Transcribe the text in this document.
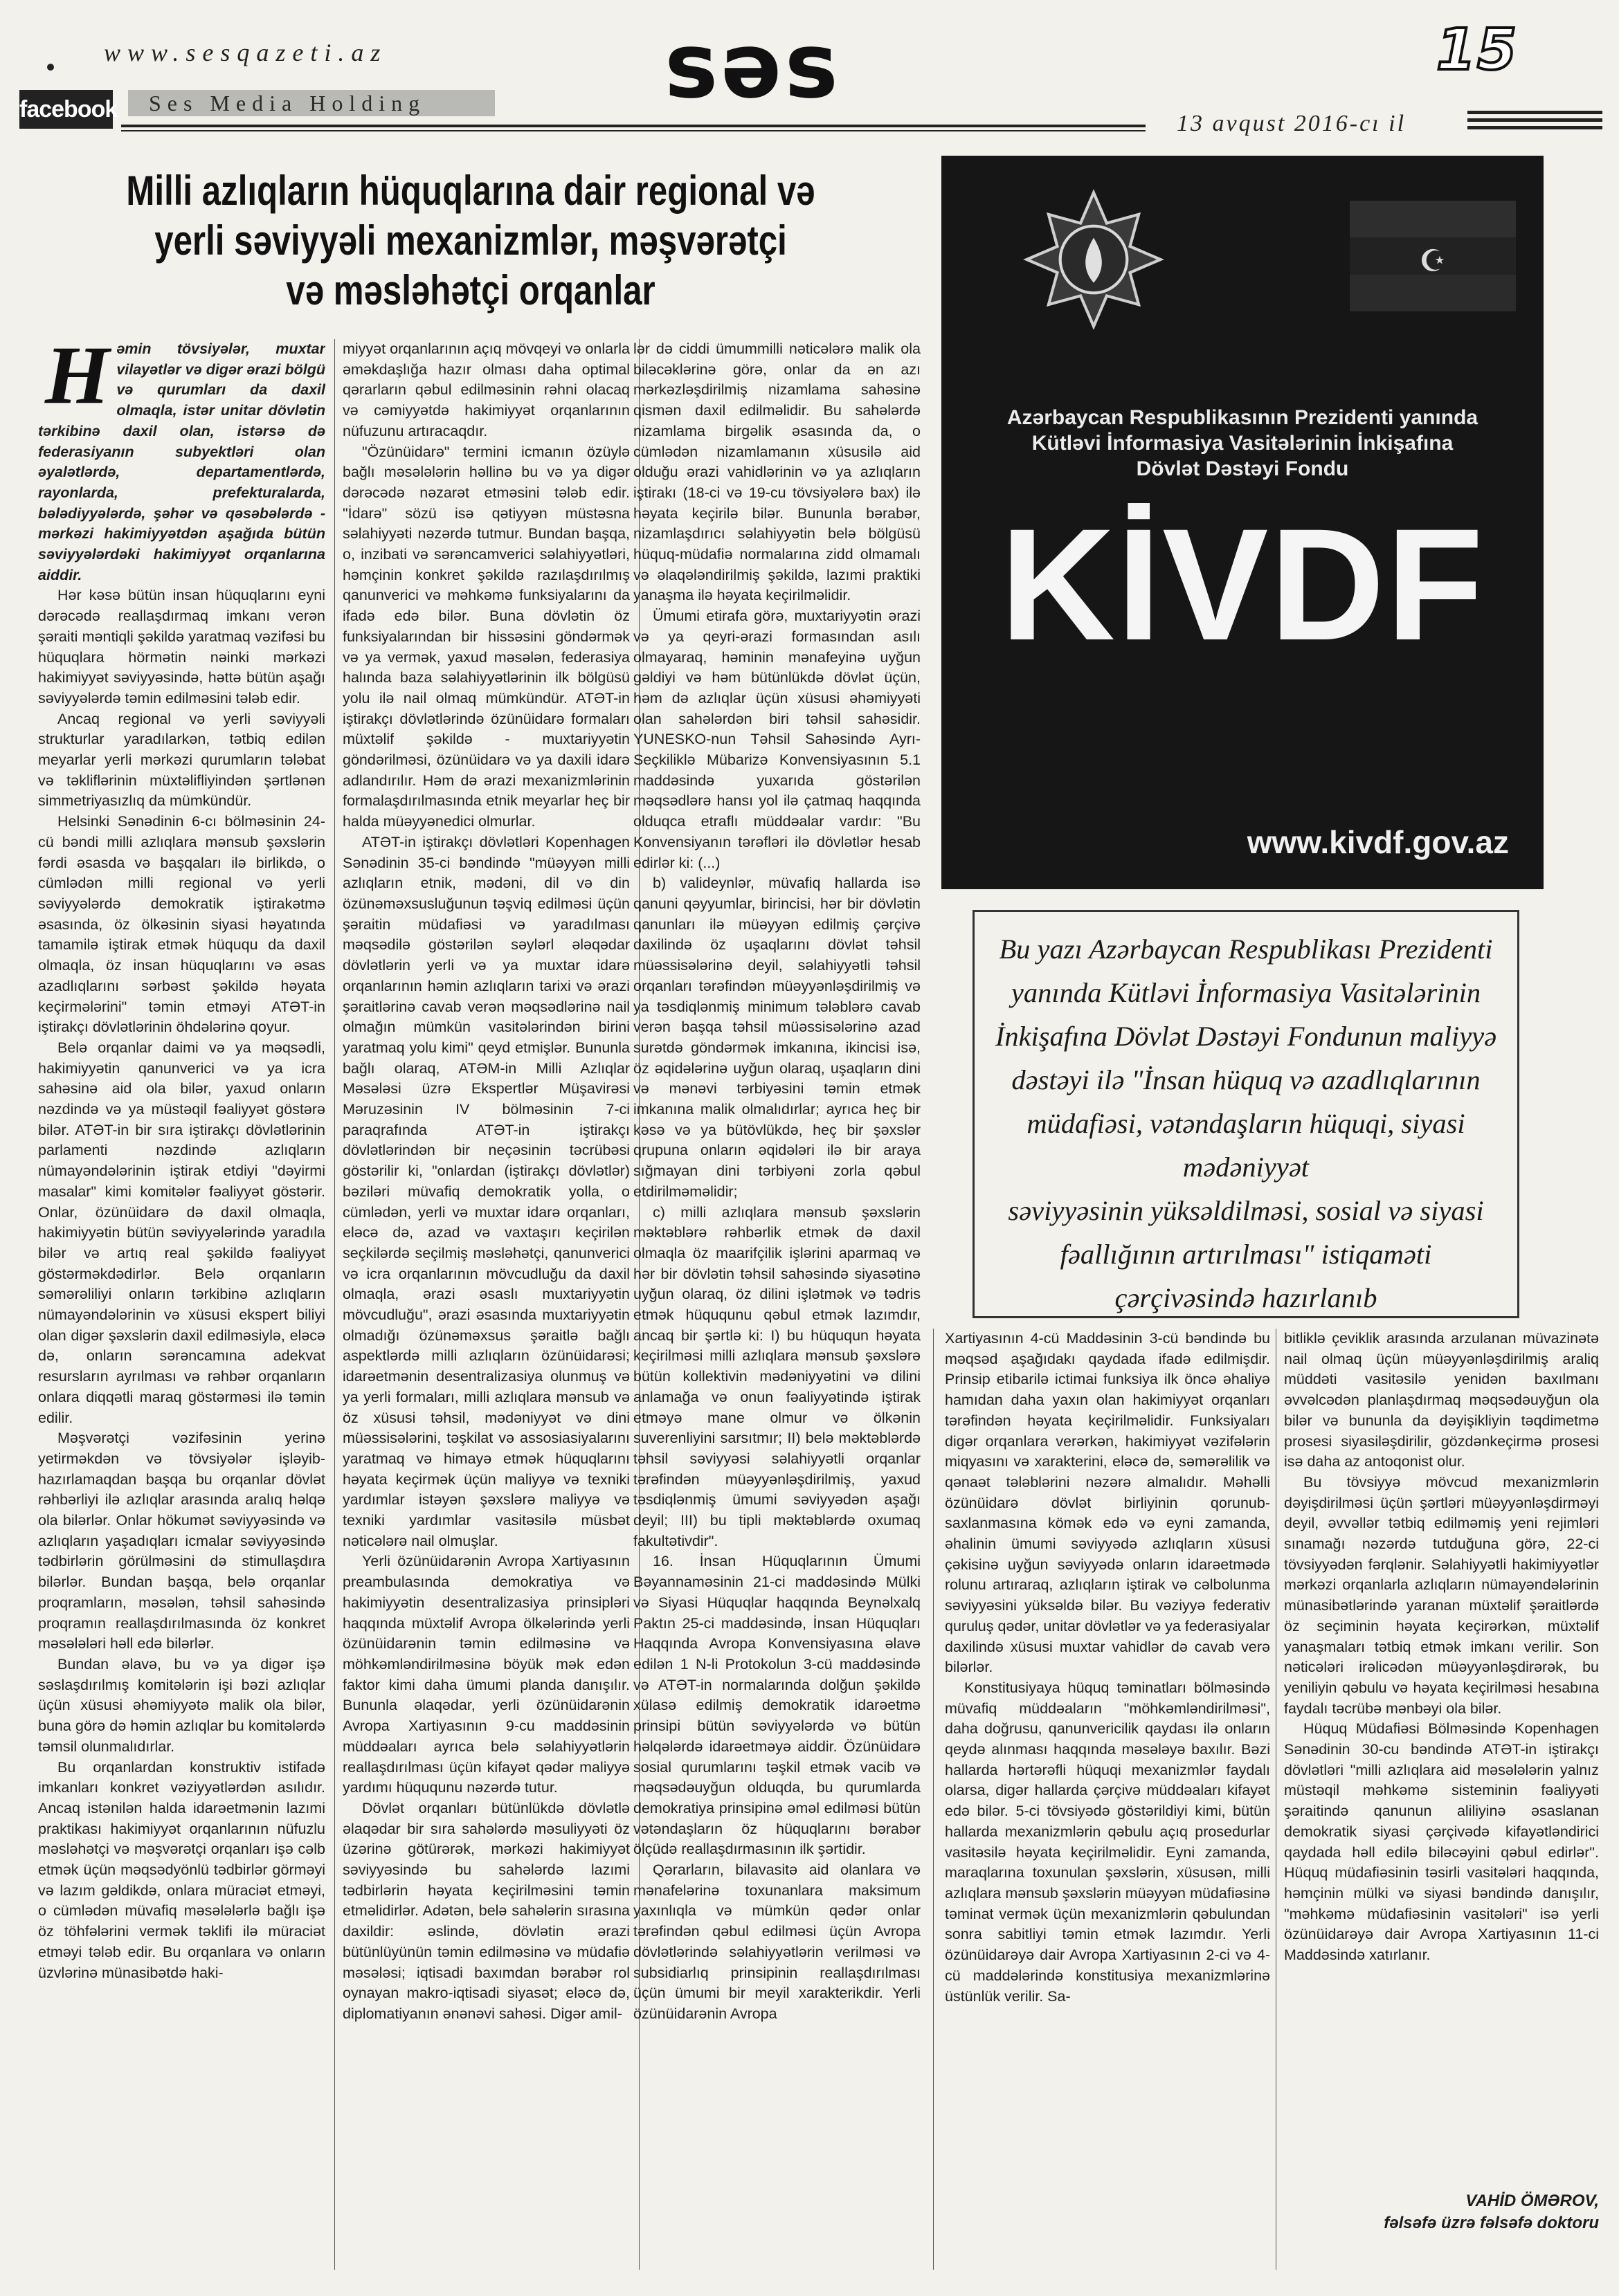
www.sesqazeti.az
facebook	Ses Media Holding	səs	15
13 avqust 2016-cı il
Milli azlıqların hüquqlarına dair regional və
yerli səviyyəli mexanizmlər, məşvərətçi
və məsləhətçi orqanlar

H əmin tövsiyələr, muxtar vilayətlər və digər ərazi bölgü və qurumları da daxil olmaqla, istər unitar dövlətin tərkibinə daxil olan, istərsə də federasiyanın subyektləri olan əyalətlərdə, departamentlərdə, rayonlarda, prefekturalarda, bələdiyyələrdə, şəhər və qəsəbələrdə - mərkəzi hakimiyyətdən aşağıda bütün səviyyələrdəki hakimiyyət orqanlarına aiddir.

Hər kəsə bütün insan hüquqlarını eyni dərəcədə reallaşdırmaq imkanı verən şəraiti məntiqli şəkildə yaratmaq vəzifəsi bu hüquqlara hörmətin nəinki mərkəzi hakimiyyət səviyyəsində, həttə bütün aşağı səviyyələrdə təmin edilməsini tələb edir.

Ancaq regional və yerli səviyyəli strukturlar yaradılarkən, tətbiq edilən meyarlar yerli mərkəzi qurumların tələbat və təkliflərinin müxtəlifliyindən şərtlənən simmetriyasızlıq da mümkündür.

Helsinki Sənədinin 6-cı bölməsinin 24-cü bəndi milli azlıqlara mənsub şəxslərin fərdi əsasda və başqaları ilə birlikdə, o cümlədən milli regional və yerli səviyyələrdə demokratik iştirakətmə əsasında, öz ölkəsinin siyasi həyatında tamamilə iştirak etmək hüququ da daxil olmaqla, öz insan hüquqlarını və əsas azadlıqlarını sərbəst şəkildə həyata keçirmələrini" təmin etməyi ATƏT-in iştirakçı dövlətlərinin öhdələrinə qoyur.

Belə orqanlar daimi və ya məqsədli, hakimiyyətin qanunverici və ya icra sahəsinə aid ola bilər, yaxud onların nəzdində və ya müstəqil fəaliyyət göstərə bilər. ATƏT-in bir sıra iştirakçı dövlətlərinin parlamenti nəzdində azlıqların nümayəndələrinin iştirak etdiyi "dəyirmi masalar" kimi komitələr fəaliyyət göstərir. Onlar, özünüidarə də daxil olmaqla, hakimiyyətin bütün səviyyələrində yaradıla bilər və artıq real şəkildə fəaliyyət göstərməkdədirlər. Belə orqanların səmərəliliyi onların tərkibinə azlıqların nümayəndələrinin və xüsusi ekspert biliyi olan digər şəxslərin daxil edilməsiylə, eləcə də, onların sərəncamına adekvat resursların ayrılması və rəhbər orqanların onlara diqqətli maraq göstərməsi ilə təmin edilir.

Məşvərətçi vəzifəsinin yerinə yetirməkdən və tövsiyələr işləyib-hazırlamaqdan başqa bu orqanlar dövlət rəhbərliyi ilə azlıqlar arasında aralıq həlqə ola bilərlər. Onlar hökumət səviyyəsində və azlıqların yaşadıqları icmalar səviyyəsində tədbirlərin görülməsini də stimullaşdıra bilərlər. Bundan başqa, belə orqanlar proqramların, məsələn, təhsil sahəsində proqramın reallaşdırılmasında öz konkret məsələləri həll edə bilərlər.

Bundan əlavə, bu və ya digər işə səslaşdırılmış komitələrin işi bəzi azlıqlar üçün xüsusi əhəmiyyətə malik ola bilər, buna görə də həmin azlıqlar bu komitələrdə təmsil olunmalıdırlar.

Bu orqanlardan konstruktiv istifadə imkanları konkret vəziyyətlərdən asılıdır. Ancaq istənilən halda idarəetmənin lazımi praktikası hakimiyyət orqanlarının nüfuzlu məsləhətçi və məşvərətçi orqanları işə cəlb etmək üçün məqsədyönlü tədbirlər görməyi və lazım gəldikdə, onlara müraciət etməyi, o cümlədən müvafiq məsələlərlə bağlı işə öz töhfələrini vermək təklifi ilə müraciət etməyi tələb edir. Bu orqanlara və onların üzvlərinə münasibətdə haki-

miyyət orqanlarının açıq mövqeyi və onlarla əməkdaşlığa hazır olması daha optimal qərarların qəbul edilməsinin rəhni olacaq və cəmiyyətdə hakimiyyət orqanlarının nüfuzunu artıracaqdır.

"Özünüidarə" termini icmanın özüylə bağlı məsələlərin həllinə bu və ya digər dərəcədə nəzarət etməsini tələb edir. "İdarə" sözü isə qətiyyən müstəsna səlahiyyəti nəzərdə tutmur. Bundan başqa, o, inzibati və sərəncamverici səlahiyyətləri, həmçinin konkret şəkildə razılaşdırılmış qanunverici və məhkəmə funksiyalarını da ifadə edə bilər. Buna dövlətin öz funksiyalarından bir hissəsini göndərmək və ya vermək, yaxud məsələn, federasiya halında baza səlahiyyətlərinin ilk bölgüsü yolu ilə nail olmaq mümkündür. ATƏT-in iştirakçı dövlətlərində özünüidarə formaları müxtəlif şəkildə - muxtariyyətin göndərilməsi, özünüidarə və ya daxili idarə adlandırılır. Həm də ərazi mexanizmlərinin formalaşdırılmasında etnik meyarlar heç bir halda müəyyənedici olmurlar.

ATƏT-in iştirakçı dövlətləri Kopenhagen Sənədinin 35-ci bəndində "müəyyən milli azlıqların etnik, mədəni, dil və din özünəməxsusluğunun təşviq edilməsi üçün şəraitin müdafiəsi və yaradılması məqsədilə göstərilən səylərl ələqədar dövlətlərin yerli və ya muxtar idarə orqanlarının həmin azlıqların tarixi və ərazi şəraitlərinə cavab verən məqsədlərinə nail olmağın mümkün vasitələrindən birini yaratmaq yolu kimi" qeyd etmişlər. Bununla bağlı olaraq, ATƏM-in Milli Azlıqlar Məsələsi üzrə Ekspertlər Müşavirəsi Məruzəsinin IV bölməsinin 7-ci paraqrafında ATƏT-in iştirakçı dövlətlərindən bir neçəsinin təcrübəsi göstərilir ki, "onlardan (iştirakçı dövlətlər) bəziləri müvafiq demokratik yolla, o cümlədən, yerli və muxtar idarə orqanları, eləcə də, azad və vaxtaşırı keçirilən seçkilərdə seçilmiş məsləhətçi, qanunverici və icra orqanlarının mövcudluğu da daxil olmaqla, ərazi əsaslı muxtariyyətin mövcudluğu", ərazi əsasında muxtariyyətin olmadığı özünəməxsus şəraitlə bağlı aspektlərdə milli azlıqların özünüidarəsi; idarəetmənin desentralizasiya olunmuş və ya yerli formaları, milli azlıqlara mənsub və öz xüsusi təhsil, mədəniyyət və dini müəssisələrini, təşkilat və assosiasiyalarını yaratmaq və himayə etmək hüquqlarını həyata keçirmək üçün maliyyə və texniki yardımlar istəyən şəxslərə maliyyə və texniki yardımlar vasitəsilə müsbət nəticələrə nail olmuşlar.

Yerli özünüidarənin Avropa Xartiyasının preambulasında demokratiya və hakimiyyətin desentralizasiya prinsipləri haqqında müxtəlif Avropa ölkələrində yerli özünüidarənin təmin edilməsinə və möhkəmləndirilməsinə böyük mək edən faktor kimi daha ümumi planda danışılır. Bununla əlaqədar, yerli özünüidarənin Avropa Xartiyasının 9-cu maddəsinin müddəaları ayrıca belə səlahiyyətlərin reallaşdırılması üçün kifayət qədər maliyyə yardımı hüququnu nəzərdə tutur.

Dövlət orqanları bütünlükdə dövlətlə əlaqədar bir sıra sahələrdə məsuliyyəti öz üzərinə götürərək, mərkəzi hakimiyyət səviyyəsində bu sahələrdə lazımi tədbirlərin həyata keçirilməsini təmin etməlidirlər. Adətən, belə sahələrin sırasına daxildir: əslində, dövlətin ərazi bütünlüyünün təmin edilməsinə və müdafiə məsələsi; iqtisadi baxımdan bərabər rol oynayan makro-iqtisadi siyasət; eləcə də, diplomatiyanın ənənəvi sahəsi. Digər amil-

lər də ciddi ümummilli nəticələrə malik ola biləcəklərinə görə, onlar da ən azı mərkəzləşdirilmiş nizamlama sahəsinə qismən daxil edilməlidir. Bu sahələrdə nizamlama birgəlik əsasında da, o cümlədən nizamlamanın xüsusilə aid olduğu ərazi vahidlərinin və ya azlıqların iştirakı (18-ci və 19-cu tövsiyələrə bax) ilə həyata keçirilə bilər. Bununla bərabər, nizamlaşdırıcı səlahiyyətin belə bölgüsü hüquq-müdafiə normalarına zidd olmamalı və əlaqələndirilmiş şəkildə, lazımi praktiki yanaşma ilə həyata keçirilməlidir.

Ümumi etirafa görə, muxtariyyətin ərazi və ya qeyri-ərazi formasından asılı olmayaraq, həminin mənafeyinə uyğun gəldiyi və həm bütünlükdə dövlət üçün, həm də azlıqlar üçün xüsusi əhəmiyyəti olan sahələrdən biri təhsil sahəsidir. YUNESKO-nun Təhsil Sahəsində Ayrı-Seçkiliklə Mübarizə Konvensiyasının 5.1 maddəsində yuxarıda göstərilən məqsədlərə hansı yol ilə çatmaq haqqında olduqca etraflı müddəalar vardır: "Bu Konvensiyanın tərəfləri ilə dövlətlər hesab edirlər ki: (...)

b) valideynlər, müvafiq hallarda isə qanuni qəyyumlar, birincisi, hər bir dövlətin qanunları ilə müəyyən edilmiş çərçivə daxilində öz uşaqlarını dövlət təhsil müəssisələrinə deyil, səlahiyyətli təhsil orqanları tərəfindən müəyyənləşdirilmiş və ya təsdiqlənmiş minimum tələblərə cavab verən başqa təhsil müəssisələrinə azad surətdə göndərmək imkanına, ikincisi isə, öz əqidələrinə uyğun olaraq, uşaqların dini və mənəvi tərbiyəsini təmin etmək imkanına malik olmalıdırlar; ayrıca heç bir kəsə və ya bütövlükdə, heç bir şəxslər qrupuna onların əqidələri ilə bir araya sığmayan dini tərbiyəni zorla qəbul etdirilməməlidir;

c) milli azlıqlara mənsub şəxslərin məktəblərə rəhbərlik etmək də daxil olmaqla öz maarifçilik işlərini aparmaq və hər bir dövlətin təhsil sahəsində siyasətinə uyğun olaraq, öz dilini işlətmək və tədris etmək hüququnu qəbul etmək lazımdır, ancaq bir şərtlə ki: I) bu hüququn həyata keçirilməsi milli azlıqlara mənsub şəxslərə bütün kollektivin mədəniyyətini və dilini anlamağa və onun fəaliyyətində iştirak etməyə mane olmur və ölkənin suverenliyini sarsıtmır; II) belə məktəblərdə təhsil səviyyəsi səlahiyyətli orqanlar tərəfindən müəyyənləşdirilmiş, yaxud təsdiqlənmiş ümumi səviyyədən aşağı deyil; III) bu tipli məktəblərdə oxumaq fakultətivdir".

16. İnsan Hüquqlarının Ümumi Bəyannaməsinin 21-ci maddəsində Mülki və Siyasi Hüquqlar haqqında Beynəlxalq Paktın 25-ci maddəsində, İnsan Hüquqları Haqqında Avropa Konvensiyasına əlavə edilən 1 N-li Protokolun 3-cü maddəsində və ATƏT-in normalarında dolğun şəkildə xülasə edilmiş demokratik idarəetmə prinsipi bütün səviyyələrdə və bütün həlqələrdə idarəetməyə aiddir. Özünüidarə sosial qurumlarını təşkil etmək vacib və məqsədəuyğun olduqda, bu qurumlarda demokratiya prinsipinə əməl edilməsi bütün vətəndaşların öz hüquqlarını bərabər ölçüdə reallaşdırmasının ilk şərtidir.

Qərarların, bilavasitə aid olanlara və mənafelərinə toxunanlara maksimum yaxınlıqla və mümkün qədər onlar tərəfindən qəbul edilməsi üçün Avropa dövlətlərində səlahiyyətlərin verilməsi və subsidiarlıq prinsipinin reallaşdırılması üçün ümumi bir meyil xarakterikdir. Yerli özünüidarənin Avropa

Xartiyasının 4-cü Maddəsinin 3-cü bəndində bu məqsəd aşağıdakı qaydada ifadə edilmişdir. Prinsip etibarilə ictimai funksiya ilk öncə əhaliyə hamıdan daha yaxın olan hakimiyyət orqanları tərəfindən həyata keçirilməlidir. Funksiyaları digər orqanlara verərkən, hakimiyyət vəzifələrin miqyasını və xarakterini, eləcə də, səmərəlilik və qənaət tələblərini nəzərə almalıdır. Məhəlli özünüidarə dövlət birliyinin qorunub-saxlanmasına kömək edə və eyni zamanda, əhalinin ümumi səviyyədə azlıqların xüsusi çəkisinə uyğun səviyyədə onların idarəetmədə rolunu artıraraq, azlıqların iştirak və cəlbolunma səviyyəsini yüksəldə bilər. Bu vəziyyə federativ quruluş qədər, unitar dövlətlər və ya federasiyalar daxilində xüsusi muxtar vahidlər də cavab verə bilərlər.

Konstitusiyaya hüquq təminatları bölməsində müvafiq müddəaların "möhkəmləndirilməsi", daha doğrusu, qanunvericilik qaydası ilə onların qeydə alınması haqqında məsələyə baxılır. Bəzi hallarda hərtərəfli hüquqi mexanizmlər faydalı olarsa, digər hallarda çərçivə müddəaları kifayət edə bilər. 5-ci tövsiyədə göstərildiyi kimi, bütün hallarda mexanizmlərin qəbulu açıq prosedurlar vasitəsilə həyata keçirilməlidir. Eyni zamanda, maraqlarına toxunulan şəxslərin, xüsusən, milli azlıqlara mənsub şəxslərin müəyyən müdafiəsinə təminat vermək üçün mexanizmlərin qəbulundan sonra sabitliyi təmin etmək lazımdır. Yerli özünüidarəyə dair Avropa Xartiyasının 2-ci və 4-cü maddələrində konstitusiya mexanizmlərinə üstünlük verilir. Sa-

bitliklə çeviklik arasında arzulanan müvazinətə nail olmaq üçün müəyyənləşdirilmiş araliq müddəti vasitəsilə yenidən baxılmanı əvvəlcədən planlaşdırmaq məqsədəuyğun ola bilər və bununla da dəyişikliyin təqdimetmə prosesi siyasiləşdirilir, gözdənkeçirmə prosesi isə daha az antoqonist olur.

Bu tövsiyyə mövcud mexanizmlərin dəyişdirilməsi üçün şərtləri müəyyənləşdirməyi deyil, əvvəllər tətbiq edilməmiş yeni rejimləri sınamağı nəzərdə tutduğuna görə, 22-ci tövsiyyədən fərqlənir. Səlahiyyətli hakimiyyətlər mərkəzi orqanlarla azlıqların nümayəndələrinin münasibətlərində yaranan müxtəlif şəraitlərdə öz seçiminin həyata keçirərkən, müxtəlif yanaşmaları tətbiq etmək imkanı verilir. Son nəticələri irəlicədən müəyyənləşdirərək, bu yeniliyin qəbulu və həyata keçirilməsi hesabına faydalı təcrübə mənbəyi ola bilər.

Hüquq Müdafiəsi Bölməsində Kopenhagen Sənədinin 30-cu bəndində ATƏT-in iştirakçı dövlətləri "milli azlıqlara aid məsələlərin yalnız müstəqil məhkəmə sisteminin fəaliyyəti şəraitində qanunun aliliyinə əsaslanan demokratik siyasi çərçivədə kifayətləndirici qaydada həll edilə biləcəyini qəbul edirlər". Hüquq müdafiəsinin təsirli vasitələri haqqında, həmçinin mülki və siyasi bəndində danışılır, "məhkəmə müdafiəsinin vasitələri" isə yerli özünüidarəyə dair Avropa Xartiyasının 11-ci Maddəsində xatırlanır.

VAHİD ÖMƏROV,
fəlsəfə üzrə fəlsəfə doktoru
☪
Azərbaycan Respublikasının Prezidenti yanında
Kütləvi İnformasiya Vasitələrinin İnkişafına
Dövlət Dəstəyi Fondu
KİVDF
www.kivdf.gov.az
Bu yazı Azərbaycan Respublikası Prezidenti
yanında Kütləvi İnformasiya Vasitələrinin
İnkişafına Dövlət Dəstəyi Fondunun maliyyə
dəstəyi ilə "İnsan hüquq və azadlıqlarının
müdafiəsi, vətəndaşların hüquqi, siyasi mədəniyyət
səviyyəsinin yüksəldilməsi, sosial və siyasi
fəallığının artırılması" istiqaməti
çərçivəsində hazırlanıb
